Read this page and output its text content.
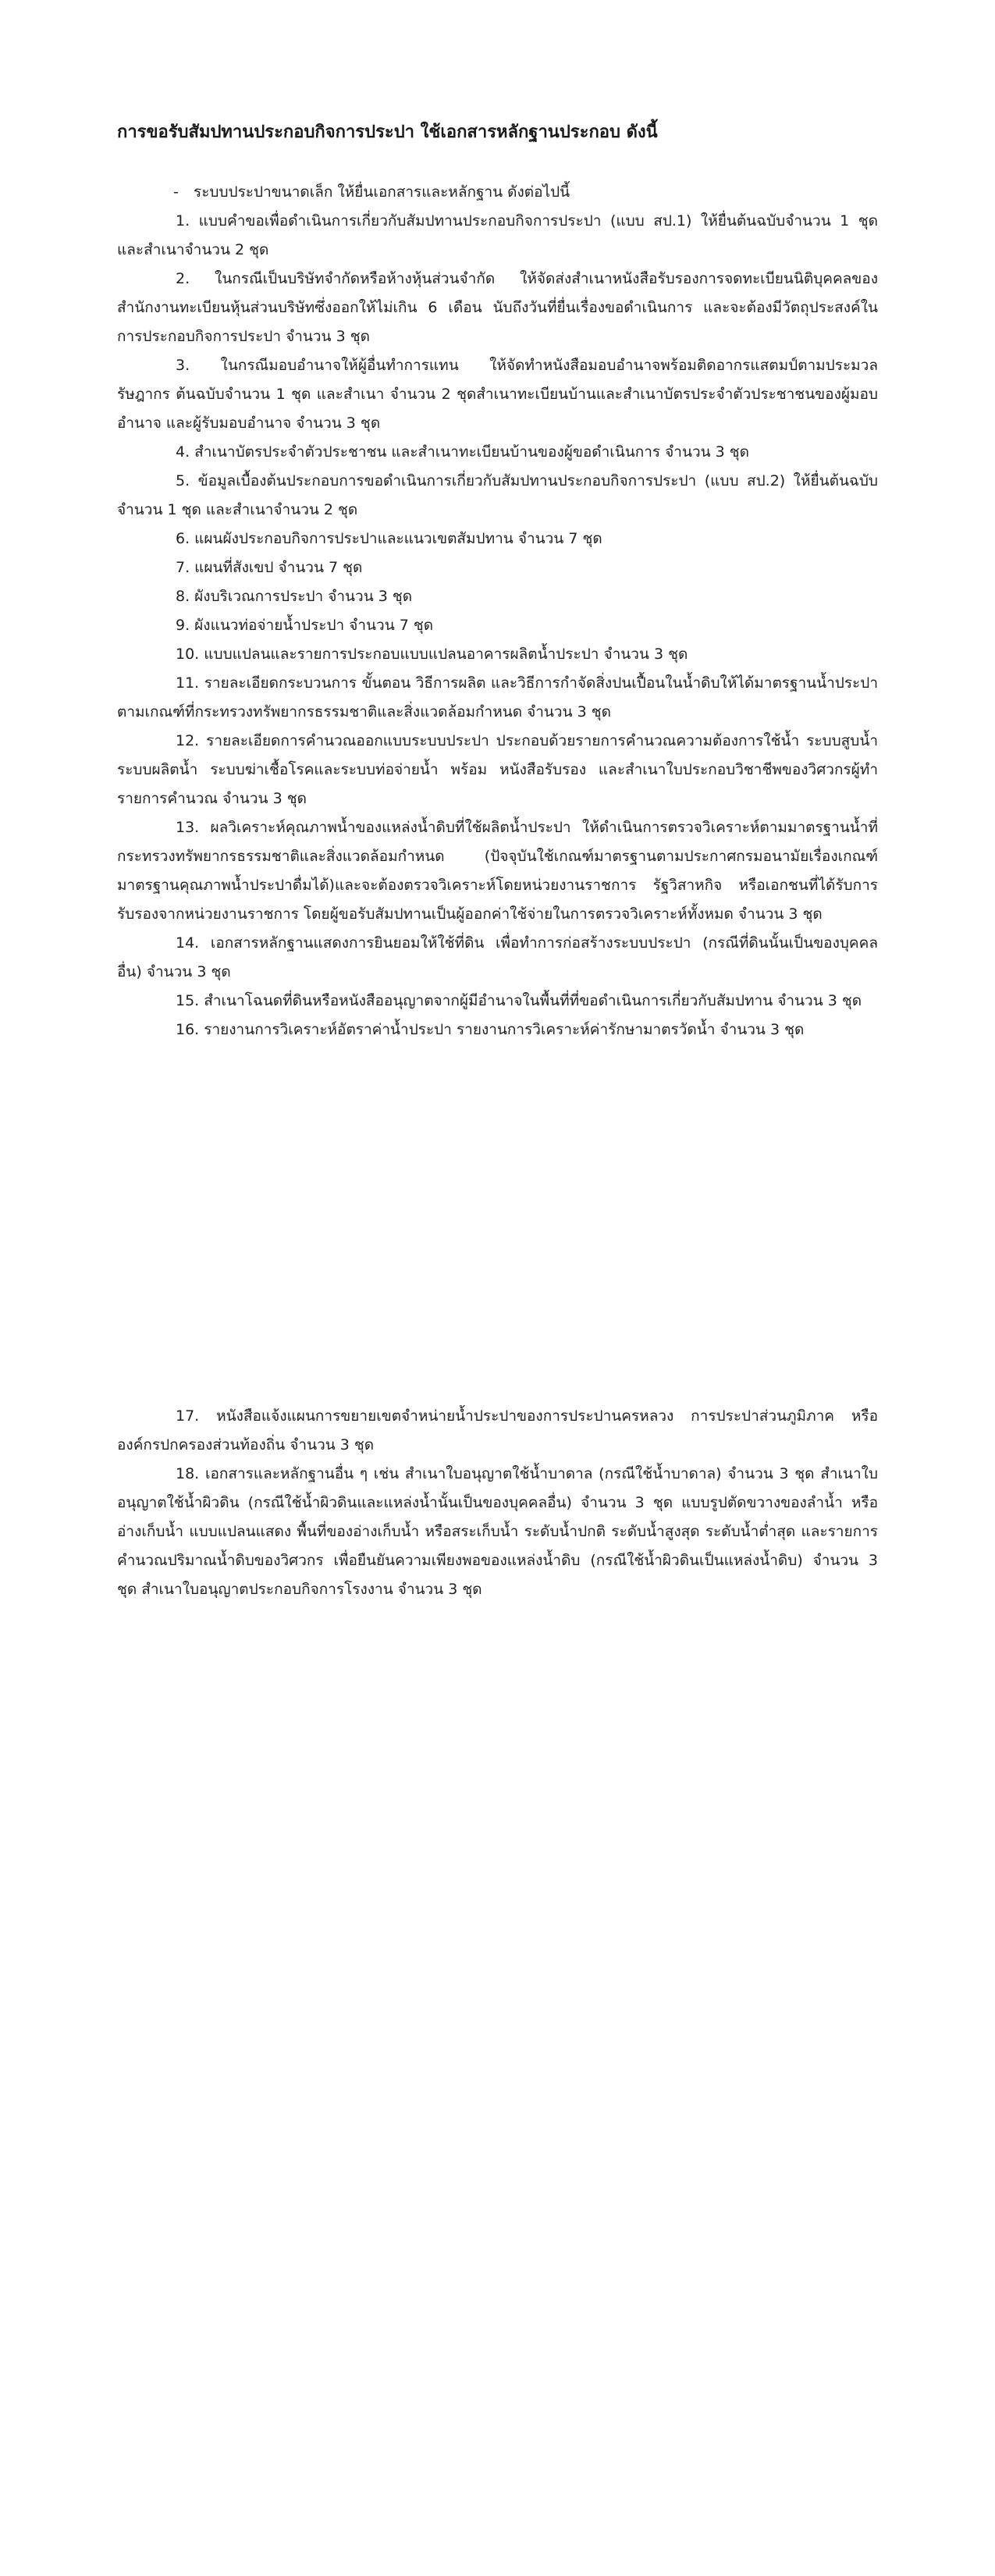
การขอรับสัมปทานประกอบกิจการประปา ใช้เอกสารหลักฐานประกอบ ดังนี้
- ระบบประปาขนาดเล็ก ให้ยื่นเอกสารและหลักฐาน ดังต่อไปนี้

1. แบบคำขอเพื่อดำเนินการเกี่ยวกับสัมปทานประกอบกิจการประปา (แบบ สป.1) ให้ยื่นต้นฉบับจำนวน 1 ชุด และสำเนาจำนวน 2 ชุด

2. ในกรณีเป็นบริษัทจำกัดหรือห้างหุ้นส่วนจำกัด ให้จัดส่งสำเนาหนังสือรับรองการจดทะเบียนนิติบุคคลของสำนักงานทะเบียนหุ้นส่วนบริษัทซึ่งออกให้ไม่เกิน 6 เดือน นับถึงวันที่ยื่นเรื่องขอดำเนินการ และจะต้องมีวัตถุประสงค์ในการประกอบกิจการประปา จำนวน 3 ชุด

3. ในกรณีมอบอำนาจให้ผู้อื่นทำการแทน ให้จัดทำหนังสือมอบอำนาจพร้อมติดอากรแสตมป์ตามประมวลรัษฎากร ต้นฉบับจำนวน 1 ชุด และสำเนา จำนวน 2 ชุดสำเนาทะเบียนบ้านและสำเนาบัตรประจำตัวประชาชนของผู้มอบอำนาจ และผู้รับมอบอำนาจ จำนวน 3 ชุด

4. สำเนาบัตรประจำตัวประชาชน และสำเนาทะเบียนบ้านของผู้ขอดำเนินการ จำนวน 3 ชุด

5. ข้อมูลเบื้องต้นประกอบการขอดำเนินการเกี่ยวกับสัมปทานประกอบกิจการประปา (แบบ สป.2) ให้ยื่นต้นฉบับจำนวน 1 ชุด และสำเนาจำนวน 2 ชุด

6. แผนผังประกอบกิจการประปาและแนวเขตสัมปทาน จำนวน 7 ชุด

7. แผนที่สังเขป จำนวน 7 ชุด

8. ผังบริเวณการประปา จำนวน 3 ชุด

9. ผังแนวท่อจ่ายน้ำประปา จำนวน 7 ชุด

10. แบบแปลนและรายการประกอบแบบแปลนอาคารผลิตน้ำประปา จำนวน 3 ชุด

11. รายละเอียดกระบวนการ ขั้นตอน วิธีการผลิต และวิธีการกำจัดสิ่งปนเปื้อนในน้ำดิบให้ได้มาตรฐานน้ำประปาตามเกณฑ์ที่กระทรวงทรัพยากรธรรมชาติและสิ่งแวดล้อมกำหนด จำนวน 3 ชุด

12. รายละเอียดการคำนวณออกแบบระบบประปา ประกอบด้วยรายการคำนวณความต้องการใช้น้ำ ระบบสูบน้ำ ระบบผลิตน้ำ ระบบฆ่าเชื้อโรคและระบบท่อจ่ายน้ำ พร้อม หนังสือรับรอง และสำเนาใบประกอบวิชาชีพของวิศวกรผู้ทำรายการคำนวณ จำนวน 3 ชุด

13. ผลวิเคราะห์คุณภาพน้ำของแหล่งน้ำดิบที่ใช้ผลิตน้ำประปา ให้ดำเนินการตรวจวิเคราะห์ตามมาตรฐานน้ำที่กระทรวงทรัพยากรธรรมชาติและสิ่งแวดล้อมกำหนด (ปัจจุบันใช้เกณฑ์มาตรฐานตามประกาศกรมอนามัยเรื่องเกณฑ์มาตรฐานคุณภาพน้ำประปาดื่มได้)และจะต้องตรวจวิเคราะห์โดยหน่วยงานราชการ รัฐวิสาหกิจ หรือเอกชนที่ได้รับการรับรองจากหน่วยงานราชการ โดยผู้ขอรับสัมปทานเป็นผู้ออกค่าใช้จ่ายในการตรวจวิเคราะห์ทั้งหมด จำนวน 3 ชุด

14. เอกสารหลักฐานแสดงการยินยอมให้ใช้ที่ดิน เพื่อทำการก่อสร้างระบบประปา (กรณีที่ดินนั้นเป็นของบุคคลอื่น) จำนวน 3 ชุด

15. สำเนาโฉนดที่ดินหรือหนังสืออนุญาตจากผู้มีอำนาจในพื้นที่ที่ขอดำเนินการเกี่ยวกับสัมปทาน จำนวน 3 ชุด

16. รายงานการวิเคราะห์อัตราค่าน้ำประปา รายงานการวิเคราะห์ค่ารักษามาตรวัดน้ำ จำนวน 3 ชุด

17. หนังสือแจ้งแผนการขยายเขตจำหน่ายน้ำประปาของการประปานครหลวง การประปาส่วนภูมิภาค หรือองค์กรปกครองส่วนท้องถิ่น จำนวน 3 ชุด

18. เอกสารและหลักฐานอื่น ๆ เช่น สำเนาใบอนุญาตใช้น้ำบาดาล (กรณีใช้น้ำบาดาล) จำนวน 3 ชุด สำเนาใบอนุญาตใช้น้ำผิวดิน (กรณีใช้น้ำผิวดินและแหล่งน้ำนั้นเป็นของบุคคลอื่น) จำนวน 3 ชุด แบบรูปตัดขวางของลำน้ำ หรืออ่างเก็บน้ำ แบบแปลนแสดง พื้นที่ของอ่างเก็บน้ำ หรือสระเก็บน้ำ ระดับน้ำปกติ ระดับน้ำสูงสุด ระดับน้ำต่ำสุด และรายการคำนวณปริมาณน้ำดิบของวิศวกร เพื่อยืนยันความเพียงพอของแหล่งน้ำดิบ (กรณีใช้น้ำผิวดินเป็นแหล่งน้ำดิบ) จำนวน 3 ชุด สำเนาใบอนุญาตประกอบกิจการโรงงาน จำนวน 3 ชุด
